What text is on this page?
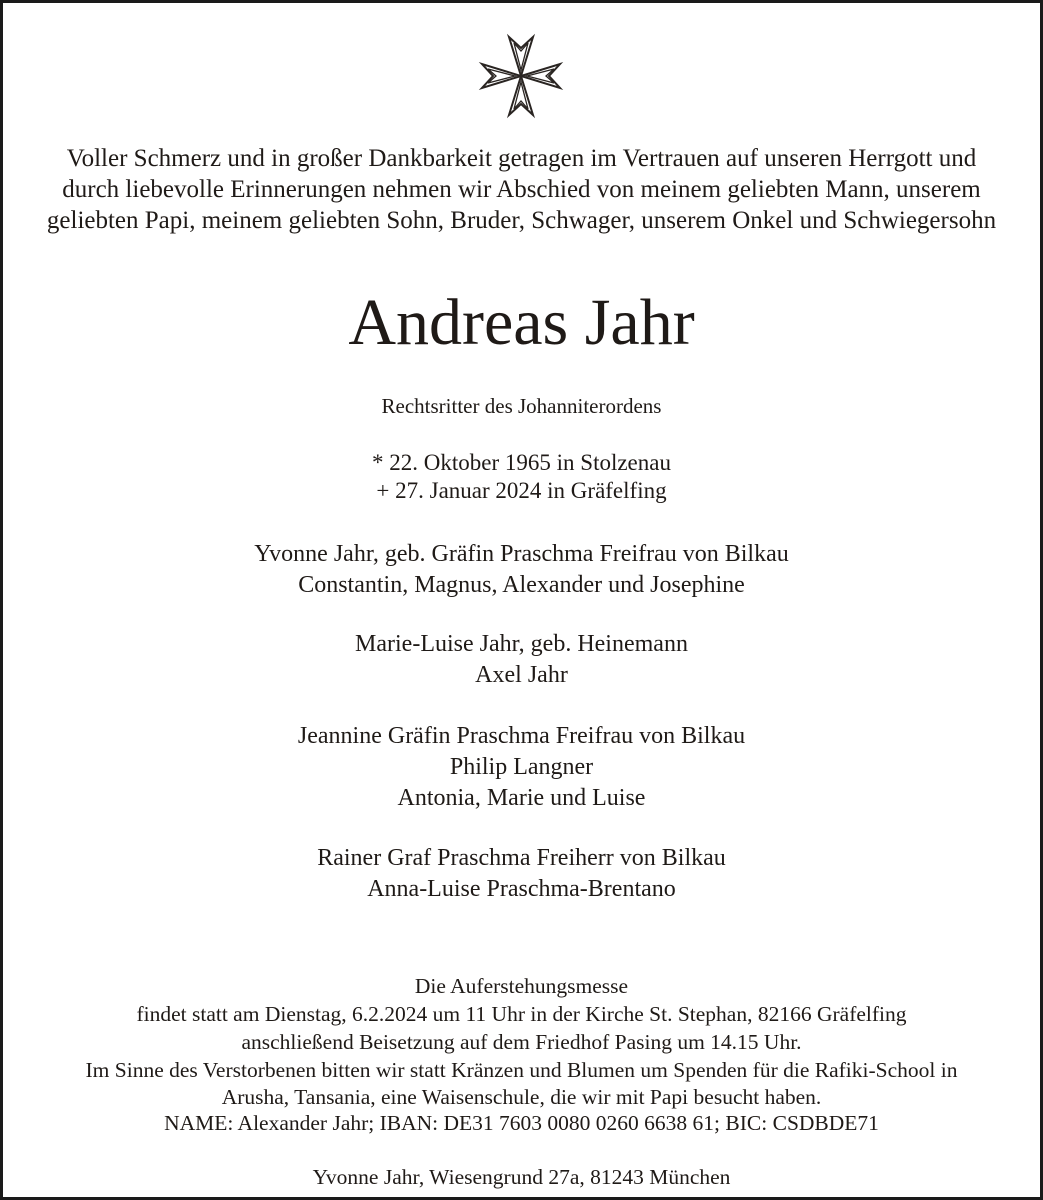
Voller Schmerz und in großer Dankbarkeit getragen im Vertrauen auf unseren Herrgott und
durch liebevolle Erinnerungen nehmen wir Abschied von meinem geliebten Mann, unserem
geliebten Papi, meinem geliebten Sohn, Bruder, Schwager, unserem Onkel und Schwiegersohn
Andreas Jahr
Rechtsritter des Johanniterordens
* 22. Oktober 1965 in Stolzenau
+ 27. Januar 2024 in Gräfelfing
Yvonne Jahr, geb. Gräfin Praschma Freifrau von Bilkau
Constantin, Magnus, Alexander und Josephine
Marie-Luise Jahr, geb. Heinemann
Axel Jahr
Jeannine Gräfin Praschma Freifrau von Bilkau
Philip Langner
Antonia, Marie und Luise
Rainer Graf Praschma Freiherr von Bilkau
Anna-Luise Praschma-Brentano
Die Auferstehungsmesse
findet statt am Dienstag, 6.2.2024 um 11 Uhr in der Kirche St. Stephan, 82166 Gräfelfing
anschließend Beisetzung auf dem Friedhof Pasing um 14.15 Uhr.
Im Sinne des Verstorbenen bitten wir statt Kränzen und Blumen um Spenden für die Rafiki-School in
Arusha, Tansania, eine Waisenschule, die wir mit Papi besucht haben.
NAME: Alexander Jahr; IBAN: DE31 7603 0080 0260 6638 61; BIC: CSDBDE71
Yvonne Jahr, Wiesengrund 27a, 81243 München
